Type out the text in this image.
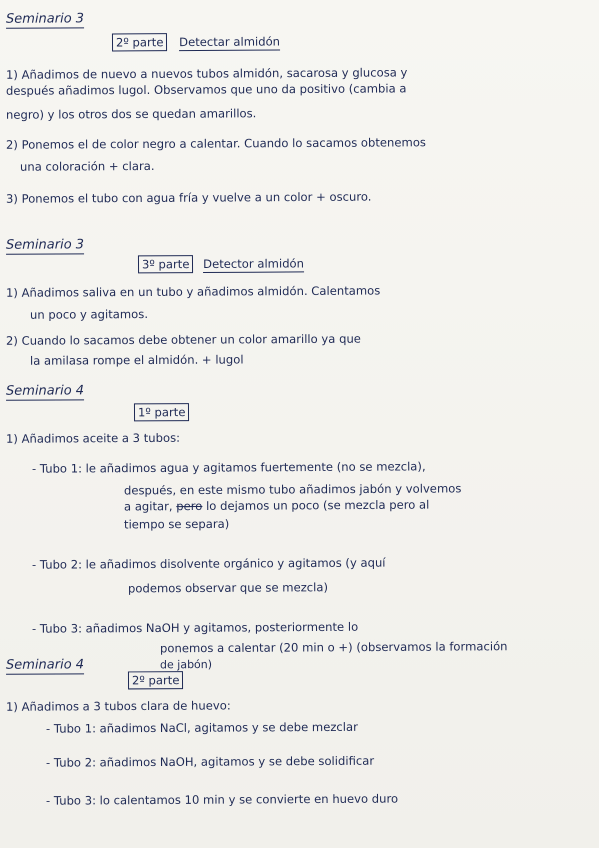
Seminario 3
2º parte Detectar almidón
1) Añadimos de nuevo a nuevos tubos almidón, sacarosa y glucosa y
después añadimos lugol. Observamos que uno da positivo (cambia a
negro) y los otros dos se quedan amarillos.
2) Ponemos el de color negro a calentar. Cuando lo sacamos obtenemos
una coloración + clara.
3) Ponemos el tubo con agua fría y vuelve a un color + oscuro.
Seminario 3
3º parte Detector almidón
1) Añadimos saliva en un tubo y añadimos almidón. Calentamos
un poco y agitamos.
2) Cuando lo sacamos debe obtener un color amarillo ya que
la amilasa rompe el almidón. + lugol
Seminario 4
1º parte
1) Añadimos aceite a 3 tubos:
- Tubo 1: le añadimos agua y agitamos fuertemente (no se mezcla),
después, en este mismo tubo añadimos jabón y volvemos
a agitar, pero lo dejamos un poco (se mezcla pero al
tiempo se separa)
- Tubo 2: le añadimos disolvente orgánico y agitamos (y aquí
podemos observar que se mezcla)
- Tubo 3: añadimos NaOH y agitamos, posteriormente lo
ponemos a calentar (20 min o +) (observamos la formación
de jabón)
Seminario 4
2º parte
1) Añadimos a 3 tubos clara de huevo:
- Tubo 1: añadimos NaCl, agitamos y se debe mezclar
- Tubo 2: añadimos NaOH, agitamos y se debe solidificar
- Tubo 3: lo calentamos 10 min y se convierte en huevo duro
